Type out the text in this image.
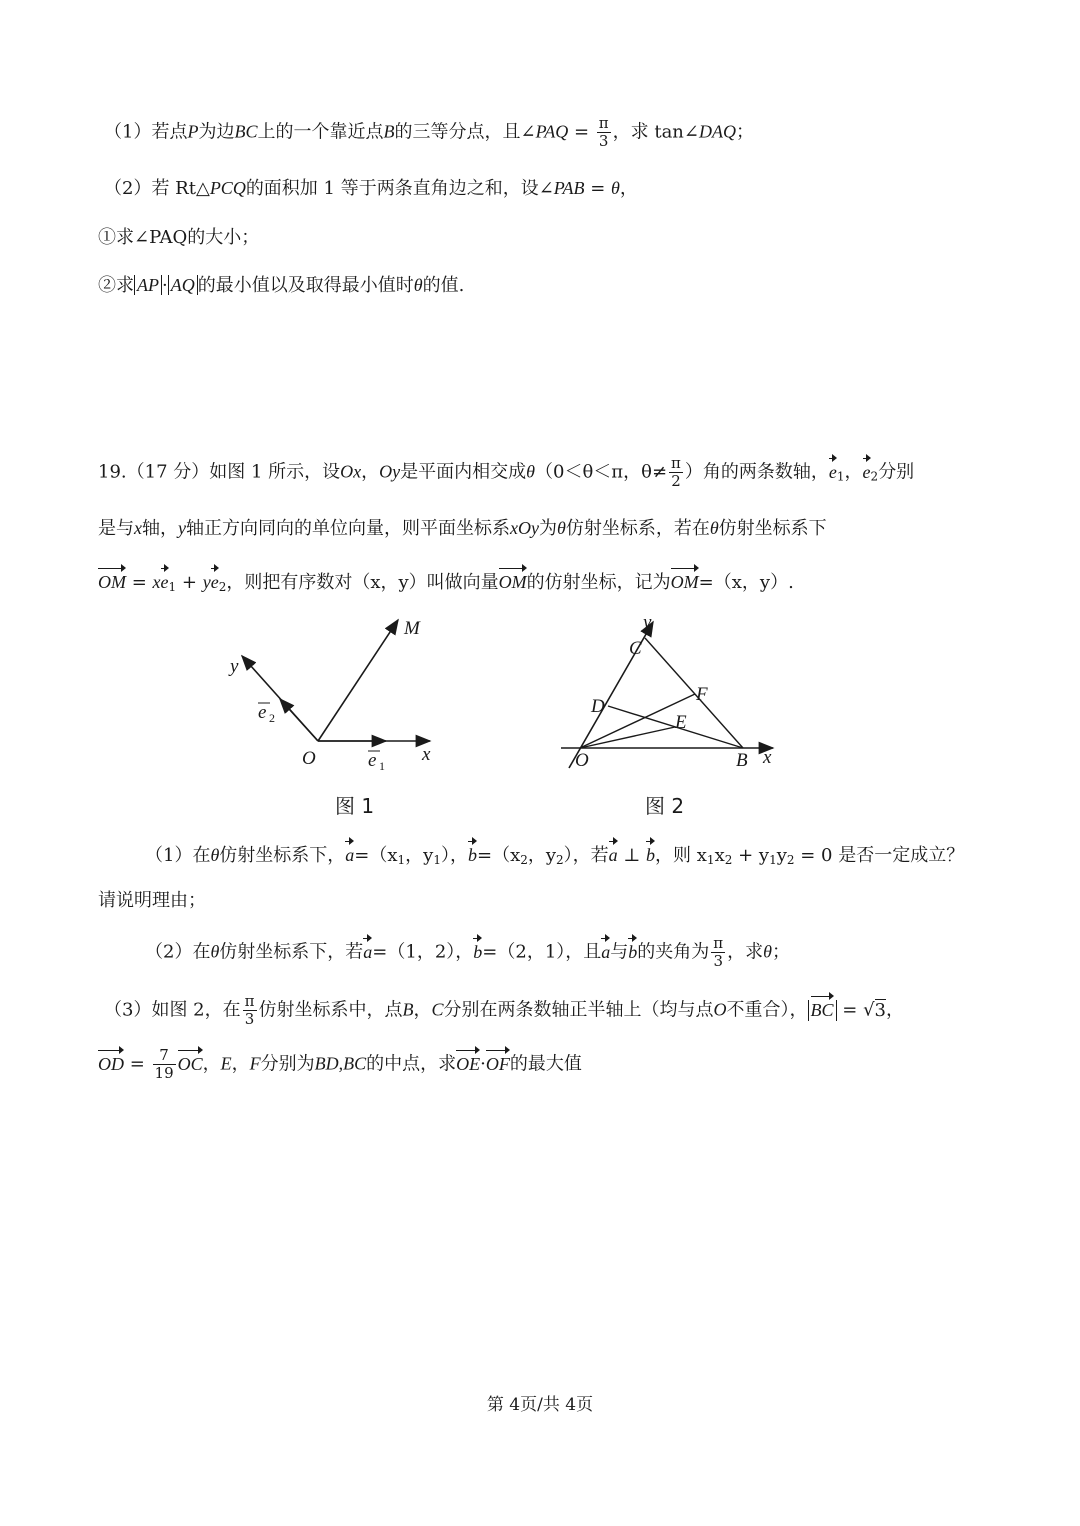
（1）若点P为边BC上的一个靠近点B的三等分点，且∠PAQ = $\frac{\pi}{3}$ ，求 tan∠DAQ；
（2）若 Rt△PCQ的面积加 1 等于两条直角边之和，设∠PAB = θ，
①求∠PAQ的大小；
②求 AP · AQ 的最小值以及取得最小值时θ的值.
19.（17 分）如图 1 所示，设Ox，Oy是平面内相交成θ（0＜θ＜π，$\theta\ne \frac{\pi}{2}$ ）角的两条数轴，$e_1$，$e_2$分别
是与x轴，y轴正方向同向的单位向量，则平面坐标系xOy为θ仿射坐标系，若在θ仿射坐标系下
OM = $xe_1 + ye_2$，则把有序数对（x，y）叫做向量OM的仿射坐标，记为OM=（x，y）.
y
M
e 2
O	e 1
x
图 1
y
C
D
F
E
O	B x
图 2
（1）在θ仿射坐标系下，$a=(x_1$，$y_1$），$b=(x_2$，$y_2$），若a ⊥ b，则 $x_1x_2 + y_1y_2 = 0$ 是否一定成立？
请说明理由；
（2）在θ仿射坐标系下，若a=（1，2），b=（2，1），且a与b的夹角为 $\frac{\pi}{3}$ ，求θ；
（3）如图 2，在 $\frac{\pi}{3}$ 仿射坐标系中，点B，C分别在两条数轴正半轴上（均与点O不重合）， BC = √3，
OD = $\frac{7}{19}$ OC，E，F分别为BD,BC的中点，求OE·OF的最大值
第 4页/共 4页
